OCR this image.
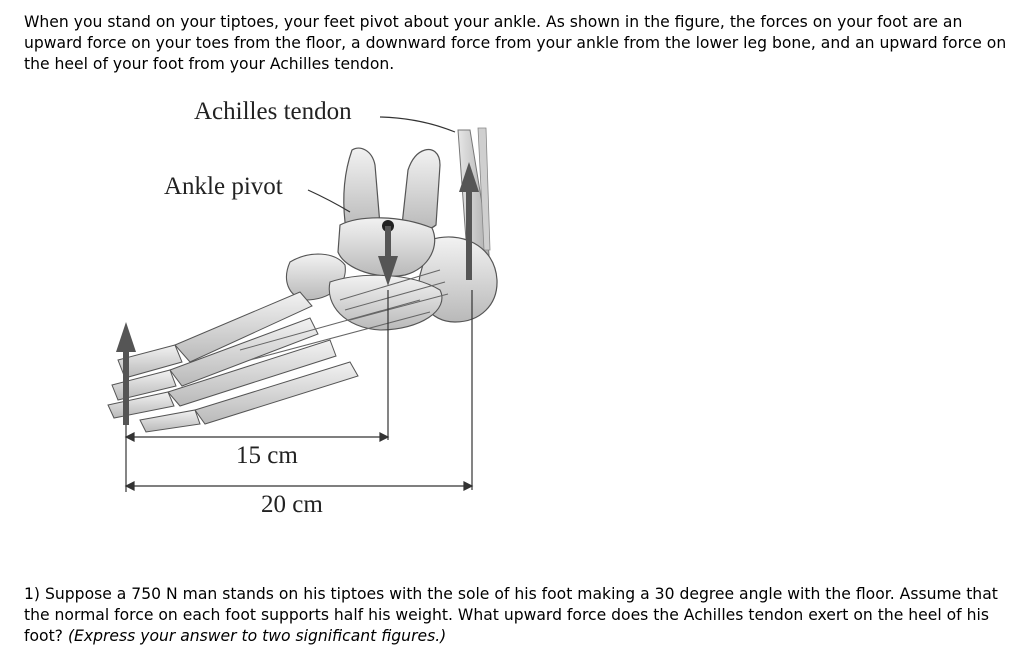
When you stand on your tiptoes, your feet pivot about your ankle. As shown in the figure, the forces on your foot are an upward force on your toes from the floor, a downward force from your ankle from the lower leg bone, and an upward force on the heel of your foot from your Achilles tendon.

Achilles tendon
Ankle pivot
15 cm
20 cm

1) Suppose a 750 N man stands on his tiptoes with the sole of his foot making a 30 degree angle with the floor. Assume that the normal force on each foot supports half his weight. What upward force does the Achilles tendon exert on the heel of his foot? (Express your answer to two significant figures.)
